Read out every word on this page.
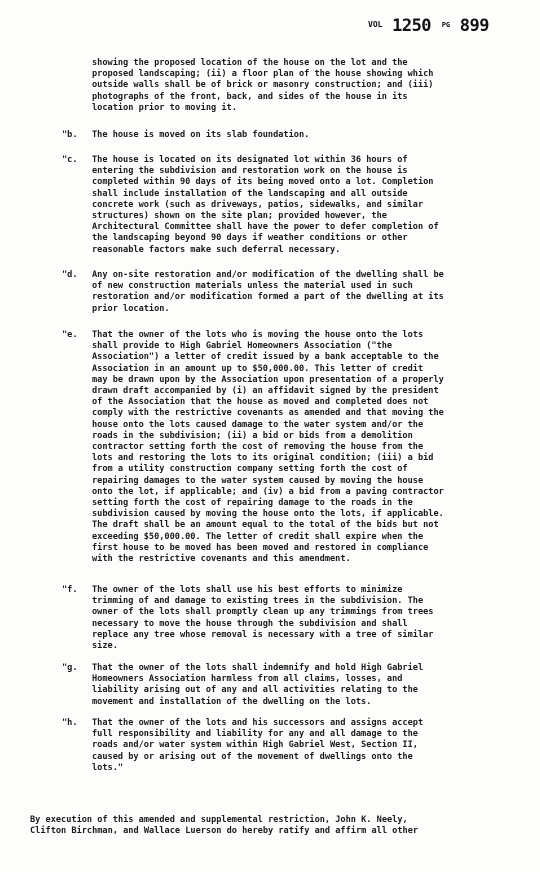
$^{VOL}$ 1250 $^{PG}$ 899
showing the proposed location of the house on the lot and the
proposed landscaping; (ii) a floor plan of the house showing which
outside walls shall be of brick or masonry construction; and (iii)
photographs of the front, back, and sides of the house in its
location prior to moving it.
"b.	The house is moved on its slab foundation.
"c.	The house is located on its designated lot within 36 hours of
entering the subdivision and restoration work on the house is
completed within 90 days of its being moved onto a lot. Completion
shall include installation of the landscaping and all outside
concrete work (such as driveways, patios, sidewalks, and similar
structures) shown on the site plan; provided however, the
Architectural Committee shall have the power to defer completion of
the landscaping beyond 90 days if weather conditions or other
reasonable factors make such deferral necessary.
"d.	Any on-site restoration and/or modification of the dwelling shall be
of new construction materials unless the material used in such
restoration and/or modification formed a part of the dwelling at its
prior location.
"e.	That the owner of the lots who is moving the house onto the lots
shall provide to High Gabriel Homeowners Association ("the
Association") a letter of credit issued by a bank acceptable to the
Association in an amount up to $50,000.00. This letter of credit
may be drawn upon by the Association upon presentation of a properly
drawn draft accompanied by (i) an affidavit signed by the president
of the Association that the house as moved and completed does not
comply with the restrictive covenants as amended and that moving the
house onto the lots caused damage to the water system and/or the
roads in the subdivision; (ii) a bid or bids from a demolition
contractor setting forth the cost of removing the house from the
lots and restoring the lots to its original condition; (iii) a bid
from a utility construction company setting forth the cost of
repairing damages to the water system caused by moving the house
onto the lot, if applicable; and (iv) a bid from a paving contractor
setting forth the cost of repairing damage to the roads in the
subdivision caused by moving the house onto the lots, if applicable.
The draft shall be an amount equal to the total of the bids but not
exceeding $50,000.00. The letter of credit shall expire when the
first house to be moved has been moved and restored in compliance
with the restrictive covenants and this amendment.
"f.	The owner of the lots shall use his best efforts to minimize
trimming of and damage to existing trees in the subdivision. The
owner of the lots shall promptly clean up any trimmings from trees
necessary to move the house through the subdivision and shall
replace any tree whose removal is necessary with a tree of similar
size.
"g.	That the owner of the lots shall indemnify and hold High Gabriel
Homeowners Association harmless from all claims, losses, and
liability arising out of any and all activities relating to the
movement and installation of the dwelling on the lots.
"h.	That the owner of the lots and his successors and assigns accept
full responsibility and liability for any and all damage to the
roads and/or water system within High Gabriel West, Section II,
caused by or arising out of the movement of dwellings onto the
lots."
By execution of this amended and supplemental restriction, John K. Neely,
Clifton Birchman, and Wallace Luerson do hereby ratify and affirm all other
